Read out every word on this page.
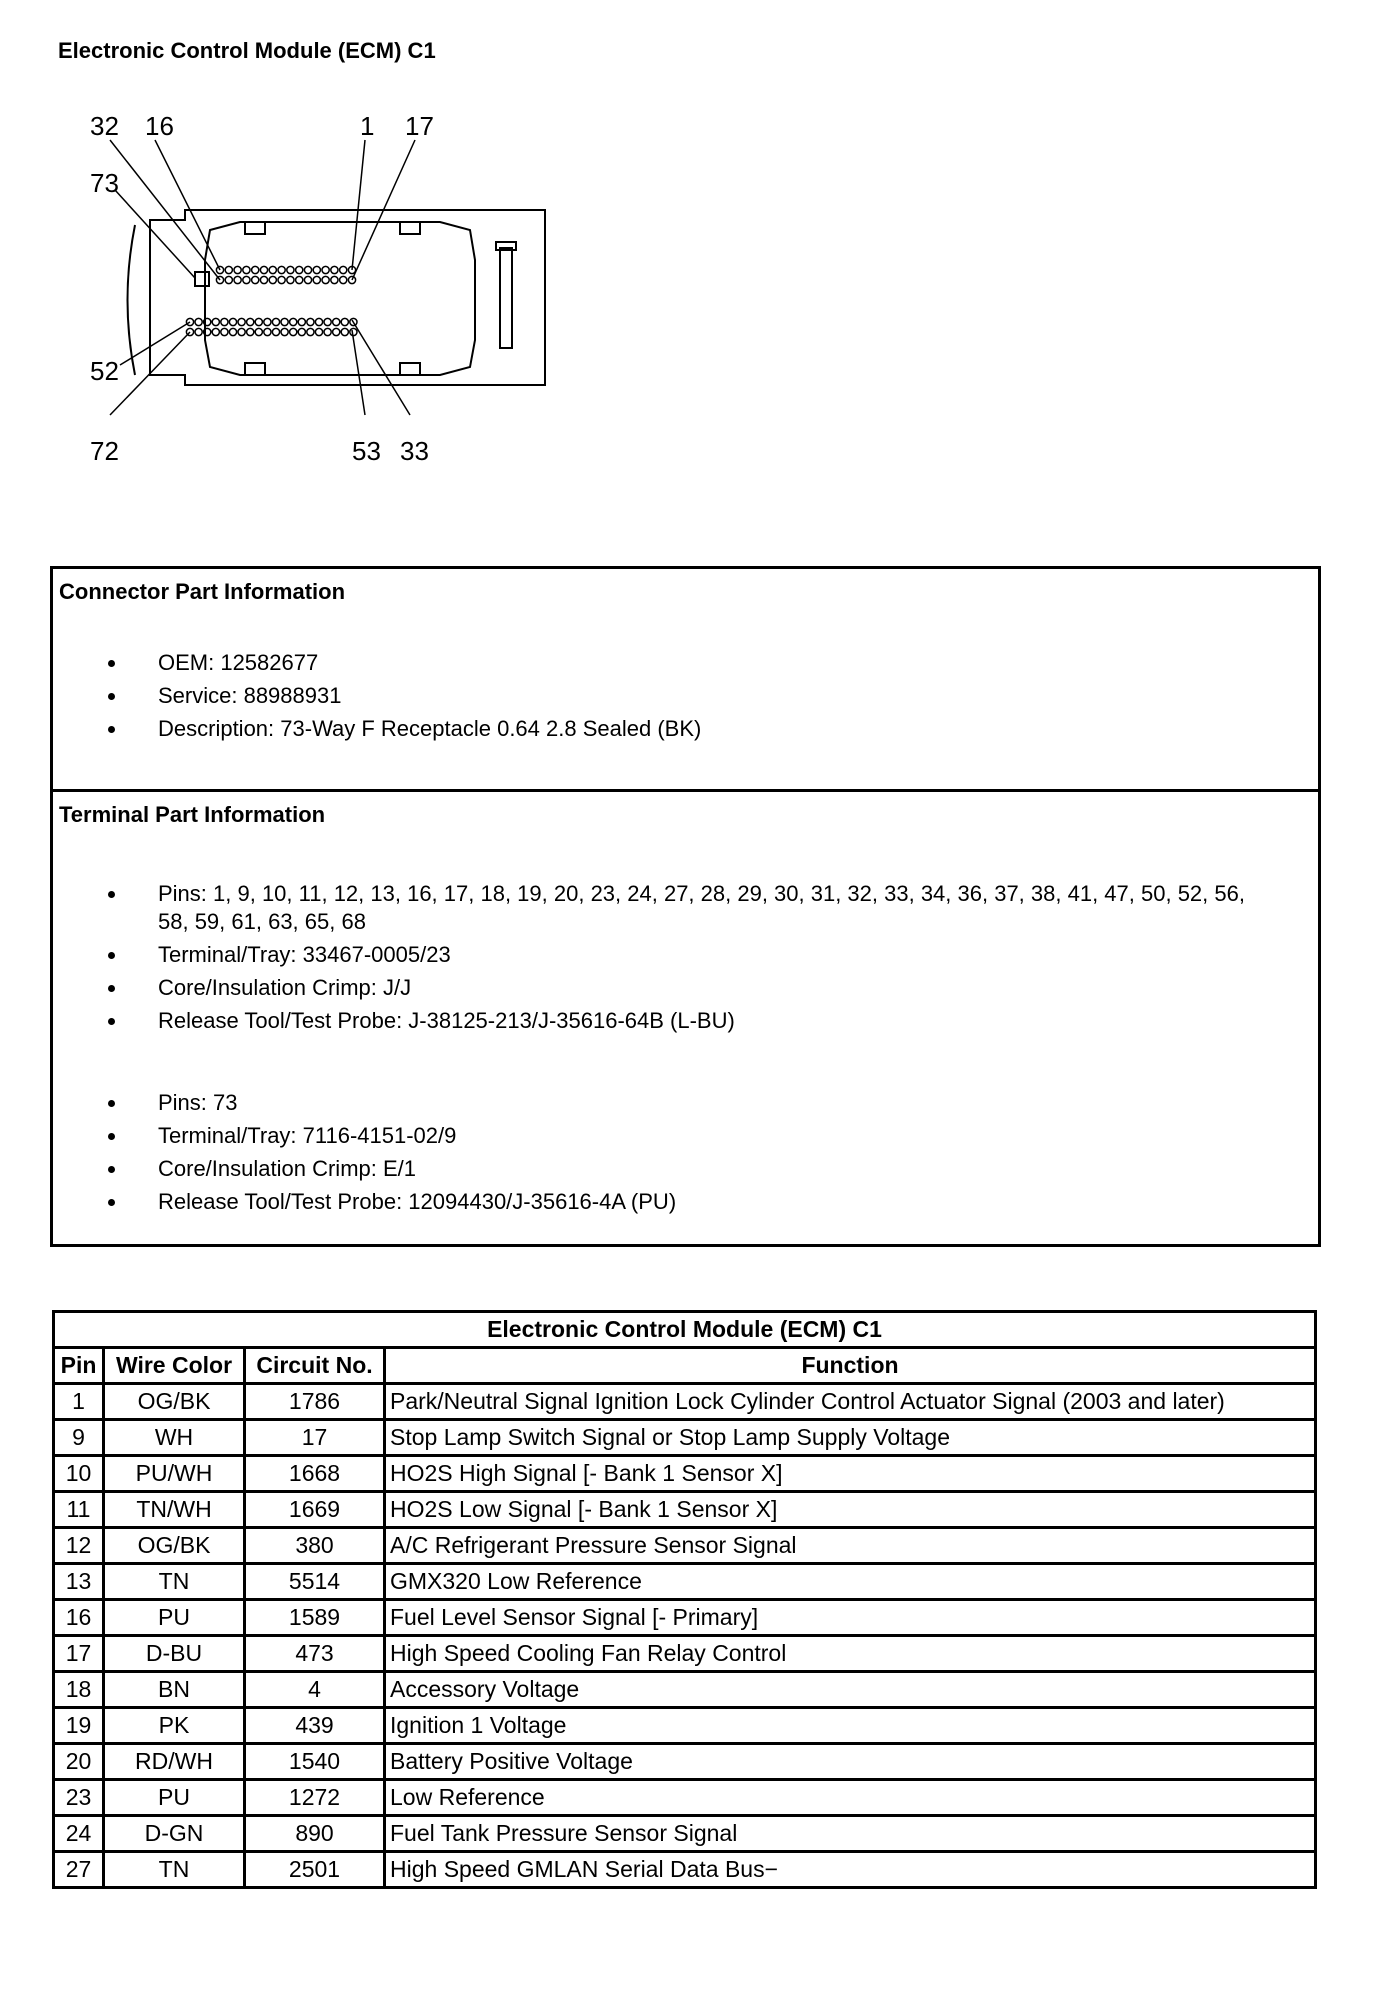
Electronic Control Module (ECM) C1
32 16	1 17
73
52
72	53 33
Connector Part Information
OEM: 12582677
Service: 88988931
Description: 73-Way F Receptacle 0.64 2.8 Sealed (BK)
Terminal Part Information
Pins: 1, 9, 10, 11, 12, 13, 16, 17, 18, 19, 20, 23, 24, 27, 28, 29, 30, 31, 32, 33, 34, 36, 37, 38, 41, 47, 50, 52, 56, 58, 59, 61, 63, 65, 68
Terminal/Tray: 33467-0005/23
Core/Insulation Crimp: J/J
Release Tool/Test Probe: J-38125-213/J-35616-64B (L-BU)
Pins: 73
Terminal/Tray: 7116-4151-02/9
Core/Insulation Crimp: E/1
Release Tool/Test Probe: 12094430/J-35616-4A (PU)
Electronic Control Module (ECM) C1			
Pin	Wire Color	Circuit No.	Function
1	OG/BK	1786	Park/Neutral Signal Ignition Lock Cylinder Control Actuator Signal (2003 and later)
9	WH	17	Stop Lamp Switch Signal or Stop Lamp Supply Voltage
10	PU/WH	1668	HO2S High Signal [- Bank 1 Sensor X]
11	TN/WH	1669	HO2S Low Signal [- Bank 1 Sensor X]
12	OG/BK	380	A/C Refrigerant Pressure Sensor Signal
13	TN	5514	GMX320 Low Reference
16	PU	1589	Fuel Level Sensor Signal [- Primary]
17	D-BU	473	High Speed Cooling Fan Relay Control
18	BN	4	Accessory Voltage
19	PK	439	Ignition 1 Voltage
20	RD/WH	1540	Battery Positive Voltage
23	PU	1272	Low Reference
24	D-GN	890	Fuel Tank Pressure Sensor Signal
27	TN	2501	High Speed GMLAN Serial Data Bus−
